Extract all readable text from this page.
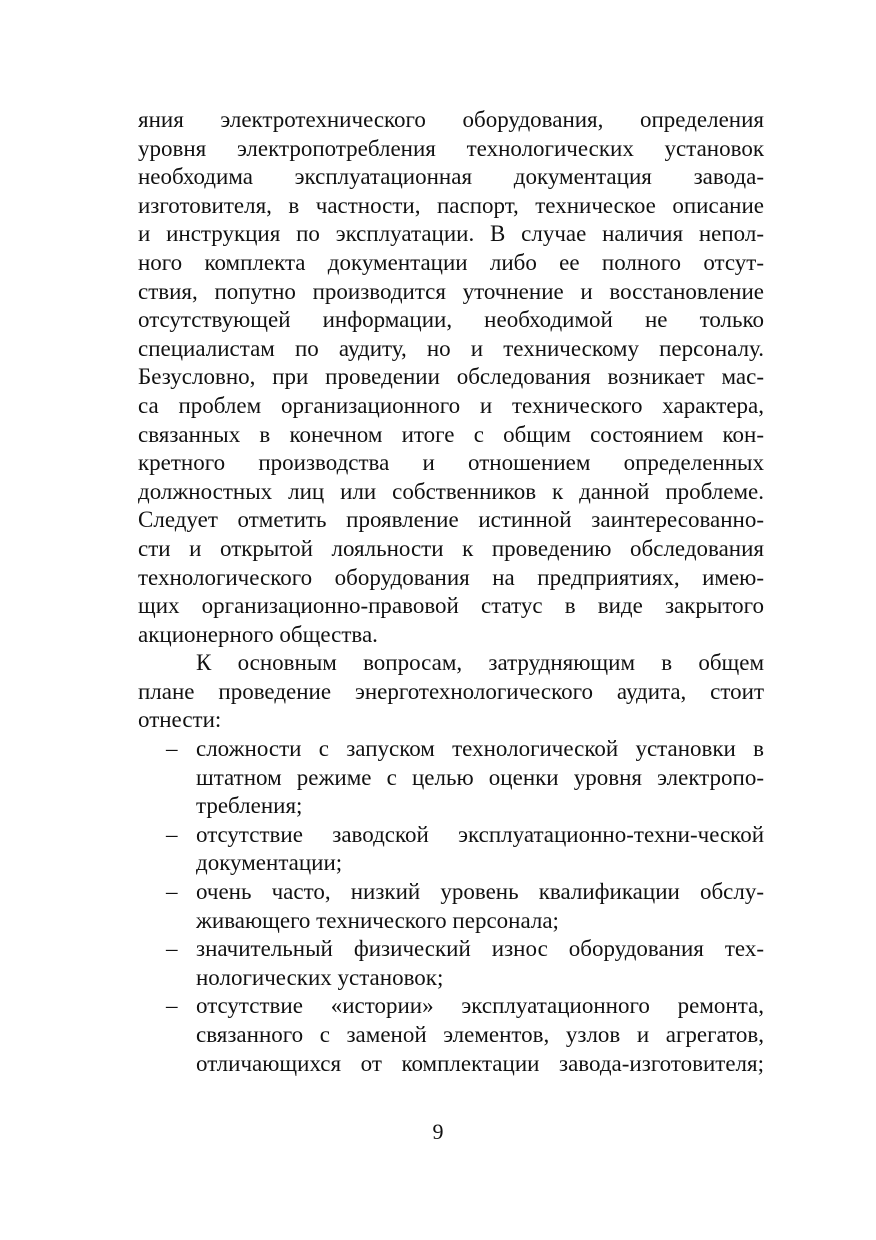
яния электротехнического оборудования, определения
уровня электропотребления технологических установок
необходима эксплуатационная документация завода-
изготовителя, в частности, паспорт, техническое описание
и инструкция по эксплуатации. В случае наличия непол-
ного комплекта документации либо ее полного отсут-
ствия, попутно производится уточнение и восстановление
отсутствующей информации, необходимой не только
специалистам по аудиту, но и техническому персоналу.
Безусловно, при проведении обследования возникает мас-
са проблем организационного и технического характера,
связанных в конечном итоге с общим состоянием кон-
кретного производства и отношением определенных
должностных лиц или собственников к данной проблеме.
Следует отметить проявление истинной заинтересованно-
сти и открытой лояльности к проведению обследования
технологического оборудования на предприятиях, имею-
щих организационно-правовой статус в виде закрытого
акционерного общества.
К основным вопросам, затрудняющим в общем
плане проведение энерготехнологического аудита, стоит
отнести:
– сложности с запуском технологической установки в
штатном режиме с целью оценки уровня электропо-
требления;
– отсутствие заводской эксплуатационно-техни-ческой
документации;
– очень часто, низкий уровень квалификации обслу-
живающего технического персонала;
– значительный физический износ оборудования тех-
нологических установок;
– отсутствие «истории» эксплуатационного ремонта,
связанного с заменой элементов, узлов и агрегатов,
отличающихся от комплектации завода-изготовителя;
9
